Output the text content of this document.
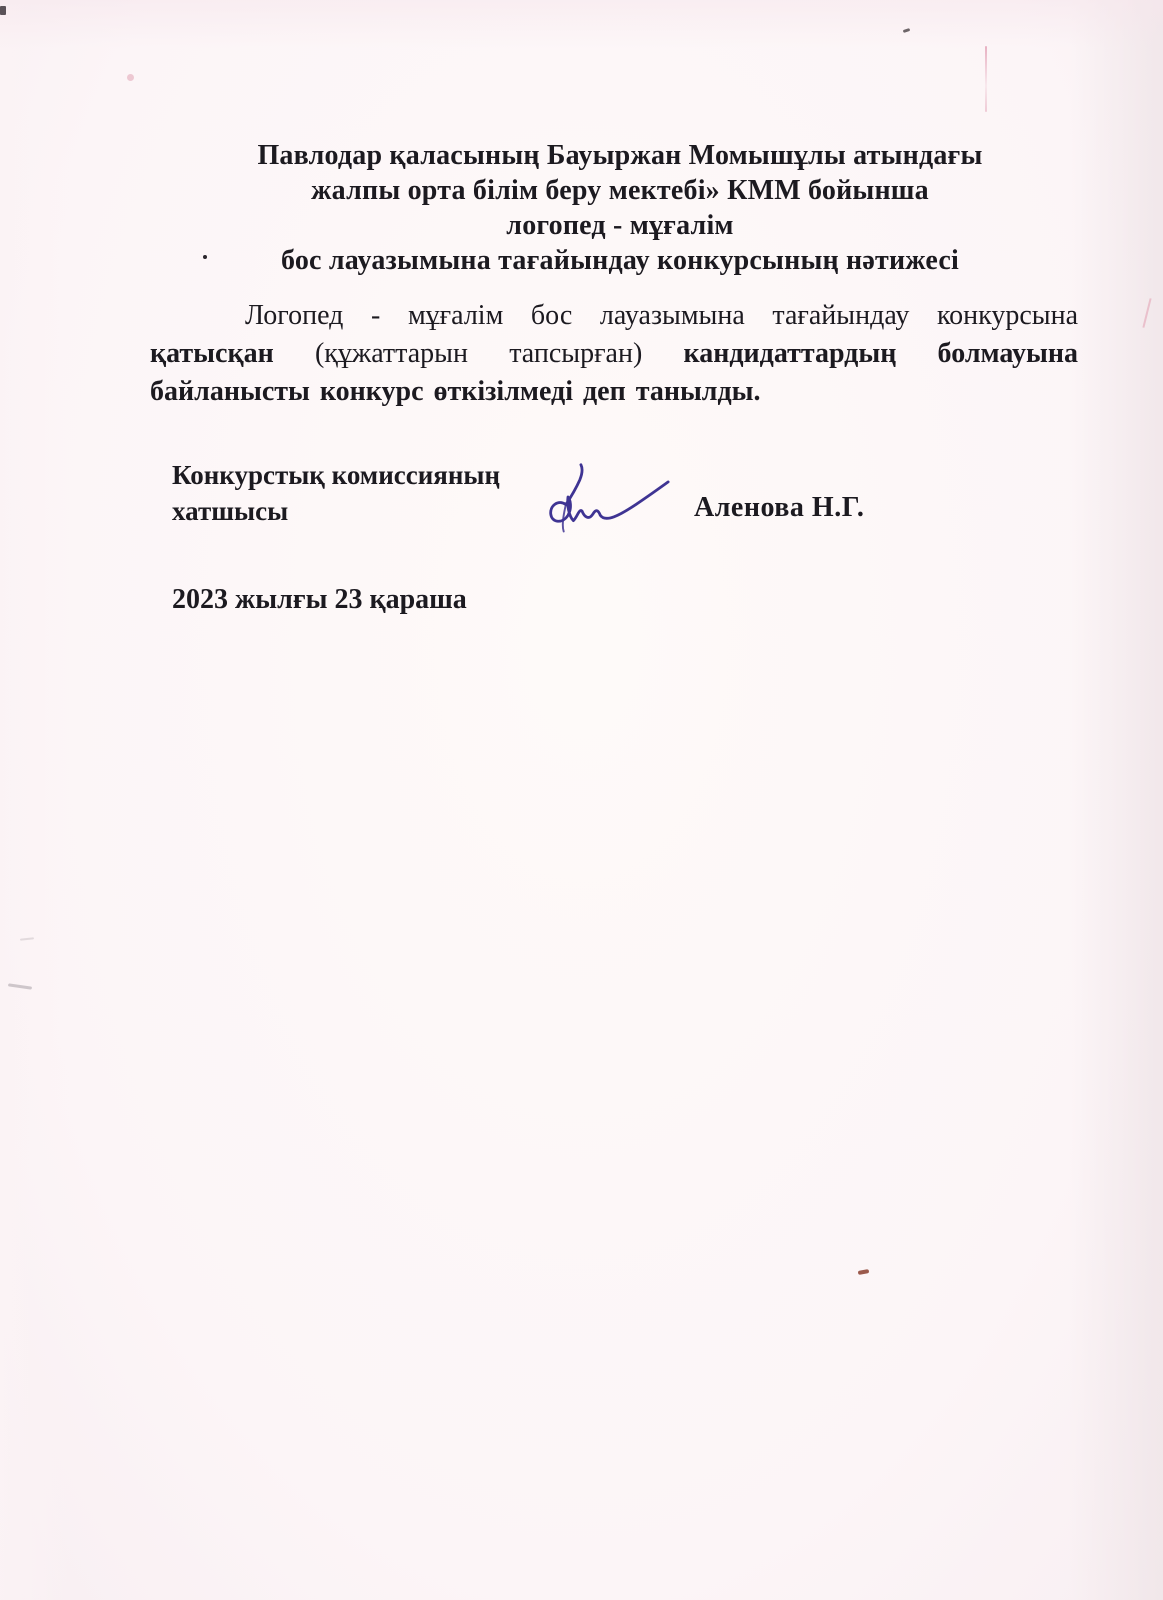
Павлодар қаласының Бауыржан Момышұлы атындағы
жалпы орта білім беру мектебі» КММ бойынша
логопед - мұғалім
бос лауазымына тағайындау конкурсының нәтижесі
Логопед - мұғалім бос лауазымына тағайындау конкурсына қатысқан (құжаттарын тапсырған) кандидаттардың болмауына байланысты конкурс өткізілмеді деп танылды.
Конкурстық комиссияның
хатшысы	Аленова Н.Г.
2023 жылғы 23 қараша
